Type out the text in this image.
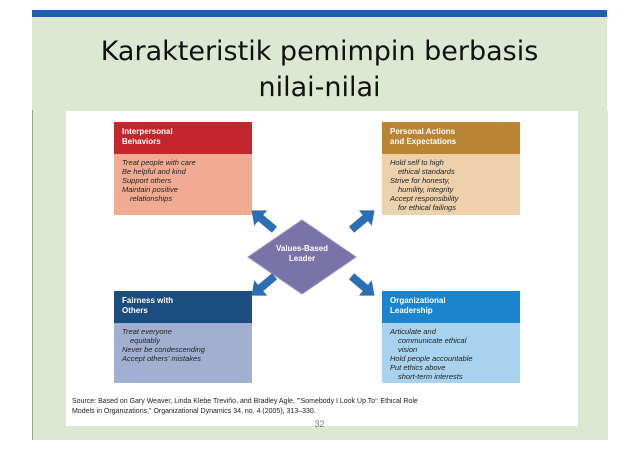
Karakteristik pemimpin berbasis
nilai-nilai
Interpersonal
Behaviors
Treat people with care
Be helpful and kind
Support others
Maintain positive
relationships
Personal Actions
and Expectations
Hold self to high
ethical standards
Strive for honesty,
humility, integrity
Accept responsibility
for ethical failings
Fairness with
Others
Treat everyone
equitably
Never be condescending
Accept others' mistakes
Organizational
Leadership
Articulate and
communicate ethical
vision
Hold people accountable
Put ethics above
short-term interests
Values-Based
Leader
Source: Based on Gary Weaver, Linda Klebe Treviño, and Bradley Agle, "'Somebody I Look Up To': Ethical Role
Models in Organizations," Organizational Dynamics 34, no. 4 (2005), 313–330.
32
